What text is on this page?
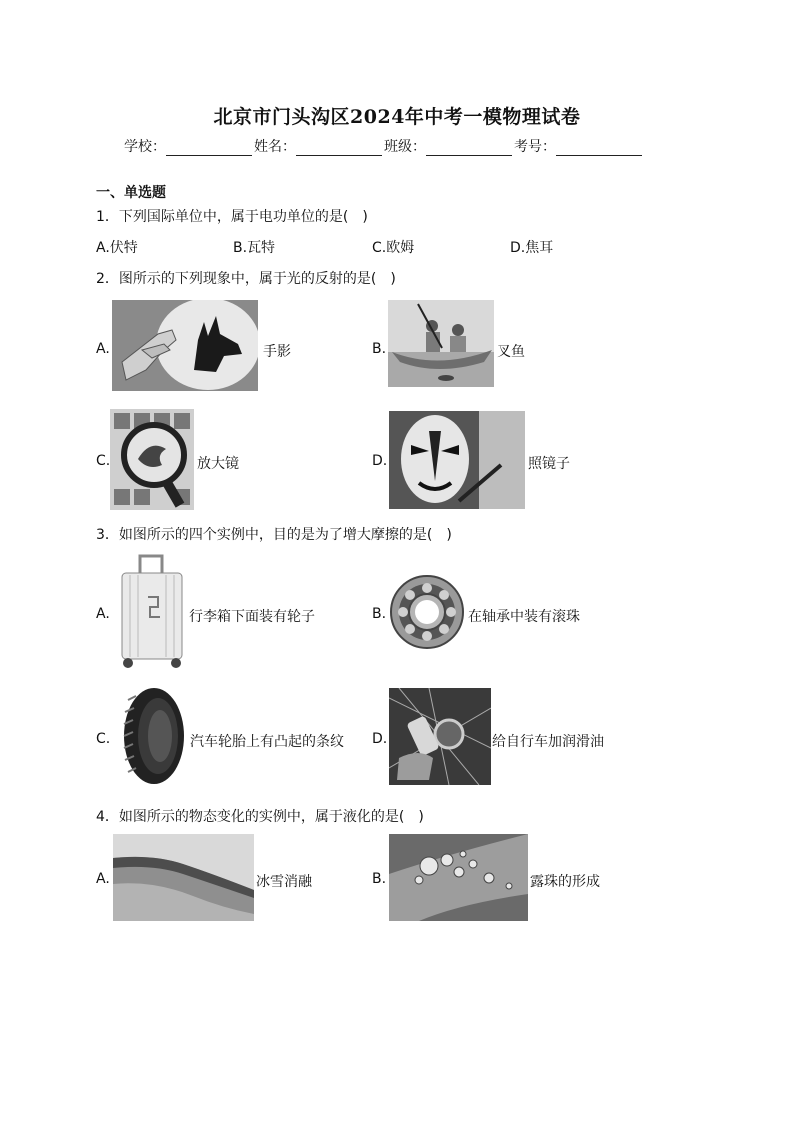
北京市门头沟区2024年中考一模物理试卷
学校：	姓名：	班级：	考号：
一、单选题
1．下列国际单位中，属于电功单位的是(　)
A.伏特	B.瓦特	C.欧姆	D.焦耳
2．图所示的下列现象中，属于光的反射的是(　)
A.	手影	B.	叉鱼
C.	放大镜	D.	照镜子
3．如图所示的四个实例中，目的是为了增大摩擦的是(　)
A.	行李箱下面装有轮子	B.	在轴承中装有滚珠
C.	汽车轮胎上有凸起的条纹 D.	给自行车加润滑油
4．如图所示的物态变化的实例中，属于液化的是(　)
A.	冰雪消融	B.	露珠的形成
